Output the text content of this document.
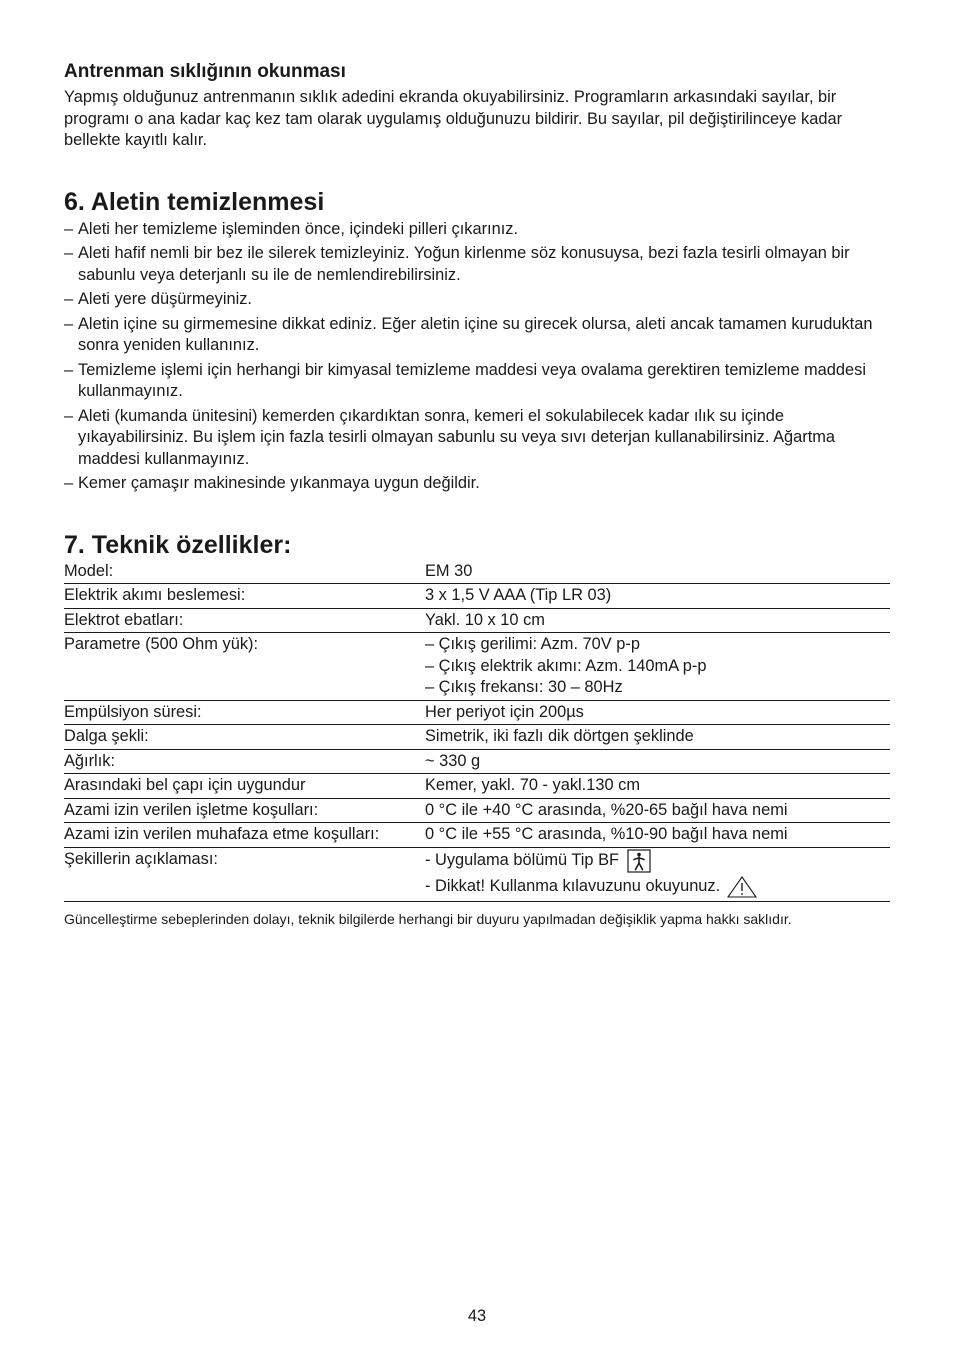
Antrenman sıklığının okunması

Yapmış olduğunuz antrenmanın sıklık adedini ekranda okuyabilirsiniz. Programların arkasındaki sayılar, bir programı o ana kadar kaç kez tam olarak uygulamış olduğunuzu bildirir. Bu sayılar, pil değiştirilinceye kadar bellekte kayıtlı kalır.

6. Aletin temizlenmesi
– Aleti her temizleme işleminden önce, içindeki pilleri çıkarınız.
– Aleti hafif nemli bir bez ile silerek temizleyiniz. Yoğun kirlenme söz konusuysa, bezi fazla tesirli olmayan bir sabunlu veya deterjanlı su ile de nemlendirebilirsiniz.
– Aleti yere düşürmeyiniz.
– Aletin içine su girmemesine dikkat ediniz. Eğer aletin içine su girecek olursa, aleti ancak tamamen kuruduktan sonra yeniden kullanınız.
– Temizleme işlemi için herhangi bir kimyasal temizleme maddesi veya ovalama gerektiren temizleme maddesi kullanmayınız.
– Aleti (kumanda ünitesini) kemerden çıkardıktan sonra, kemeri el sokulabilecek kadar ılık su içinde yıkayabilirsiniz. Bu işlem için fazla tesirli olmayan sabunlu su veya sıvı deterjan kullanabilirsiniz. Ağartma maddesi kullanmayınız.
– Kemer çamaşır makinesinde yıkanmaya uygun değildir.
7. Teknik özellikler:
Model:	EM 30
Elektrik akımı beslemesi:	3 x 1,5 V AAA (Tip LR 03)
Elektrot ebatları:	Yakl. 10 x 10 cm
Parametre (500 Ohm yük):	– Çıkış gerilimi: Azm. 70V p-p
– Çıkış elektrik akımı: Azm. 140mA p-p
– Çıkış frekansı: 30 – 80Hz

Empülsiyon süresi:	Her periyot için 200µs
Dalga şekli:	Simetrik, iki fazlı dik dörtgen şeklinde
Ağırlık:	~ 330 g
Arasındaki bel çapı için uygundur	Kemer, yakl. 70 - yakl.130 cm
Azami izin verilen işletme koşulları:	0 °C ile +40 °C arasında, %20-65 bağıl hava nemi
Azami izin verilen muhafaza etme koşulları:	0 °C ile +55 °C arasında, %10-90 bağıl hava nemi
Şekillerin açıklaması:	- Uygulama bölümü Tip BF
- Dikkat! Kullanma kılavuzunu okuyunuz.

Güncelleştirme sebeplerinden dolayı, teknik bilgilerde herhangi bir duyuru yapılmadan değişiklik yapma hakkı saklıdır.

43
